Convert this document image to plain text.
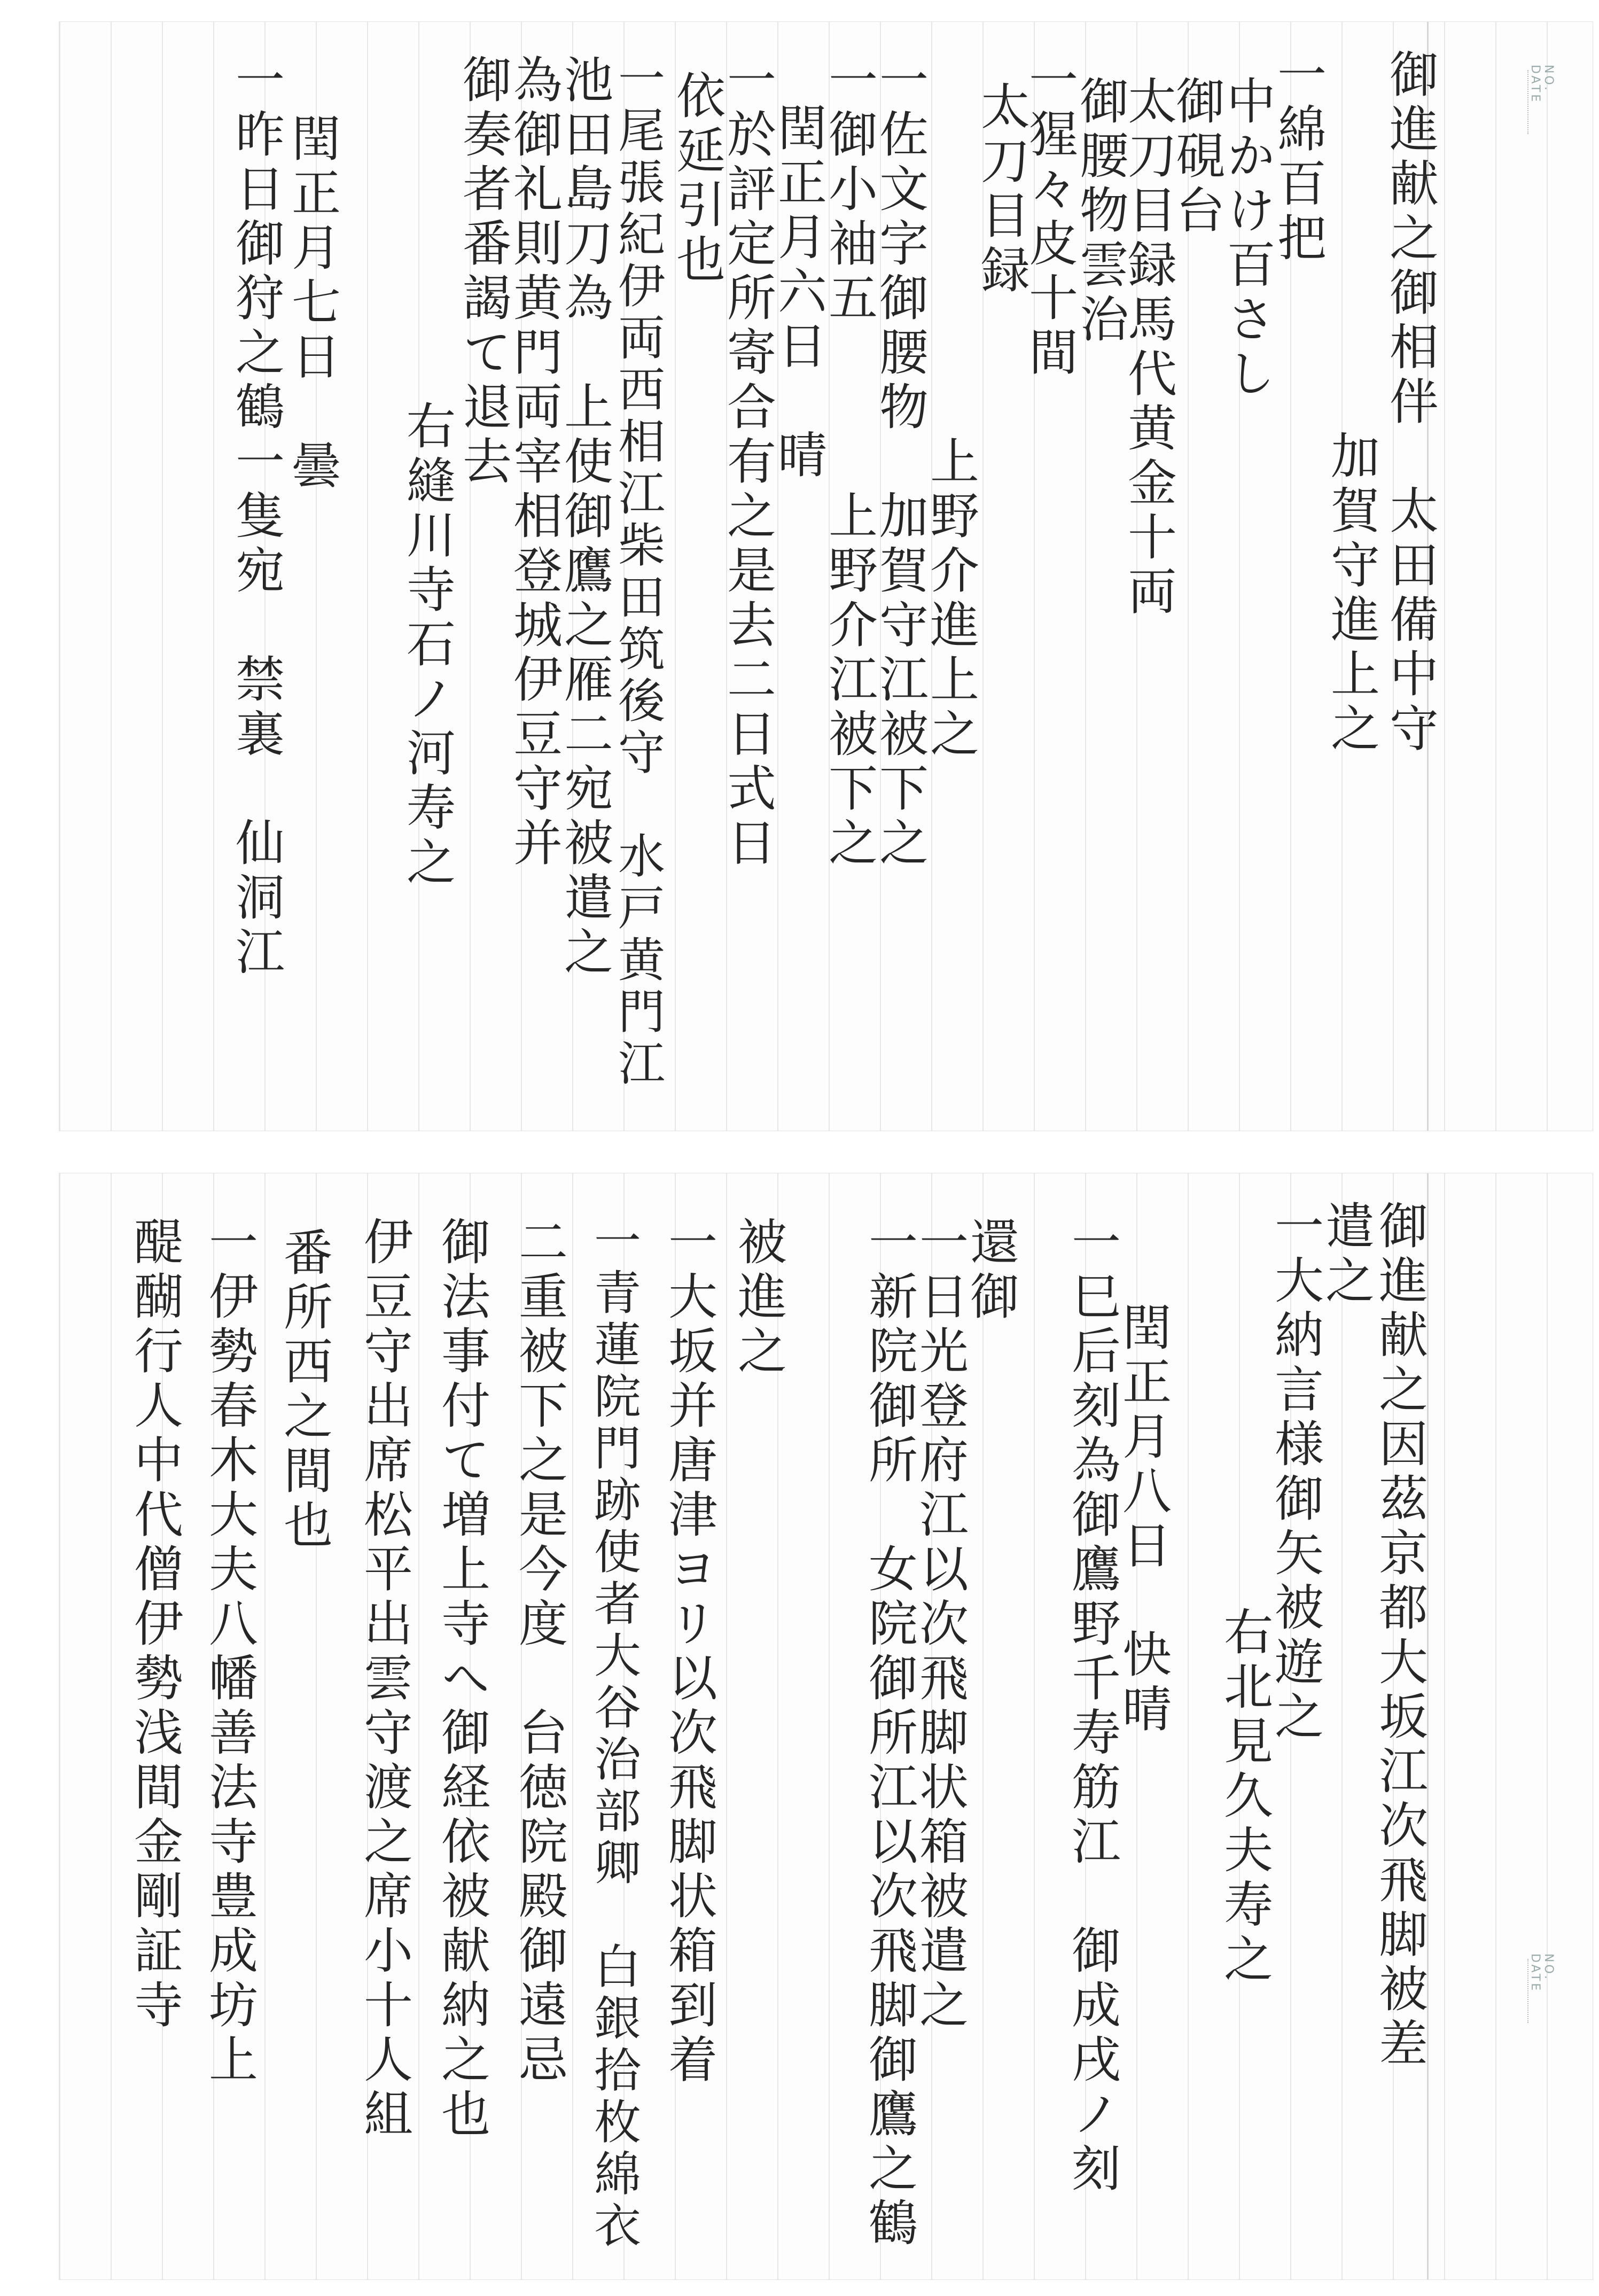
NO.
DATE
御進献之御相伴　太田備中守
　　　　　　　加賀守進上之
一綿百把
中かけ百さし
御硯台
太刀目録馬代黄金十両
御腰物雲治
一猩々皮十間
太刀目録
　　　　　　　上野介進上之
一佐文字御腰物　加賀守江被下之
一御小袖五　　　上野介江被下之
閏正月六日　晴
一於評定所寄合有之是去二日式日
依延引也
一尾張紀伊両西相江柴田筑後守　水戸黄門江
池田島刀為　上使御鷹之雁二宛被遣之
為御礼則黄門両宰相登城伊豆守并
御奏者番謁て退去
　　　　右縫川寺石ノ河寿之
閏正月七日　曇
一昨日御狩之鶴一隻宛　禁裏　仙洞江
NO.
DATE
御進献之因茲京都大坂江次飛脚被差
遣之
一大納言様御矢被遊之
　　　　　右北見久夫寿之
閏正月八日　快晴
一巳后刻為御鷹野千寿筋江　御成戌ノ刻
還御
一日光登府江以次飛脚状箱被遣之
一新院御所　女院御所江以次飛脚御鷹之鶴
被進之
一大坂并唐津ヨリ以次飛脚状箱到着
一青蓮院門跡使者大谷治部卿　白銀拾枚綿衣
二重被下之是今度　台徳院殿御遠忌
御法事付て増上寺へ御経依被献納之也
伊豆守出席松平出雲守渡之席小十人組
番所西之間也
一伊勢春木大夫八幡善法寺豊成坊上
醍醐行人中代僧伊勢浅間金剛証寺
